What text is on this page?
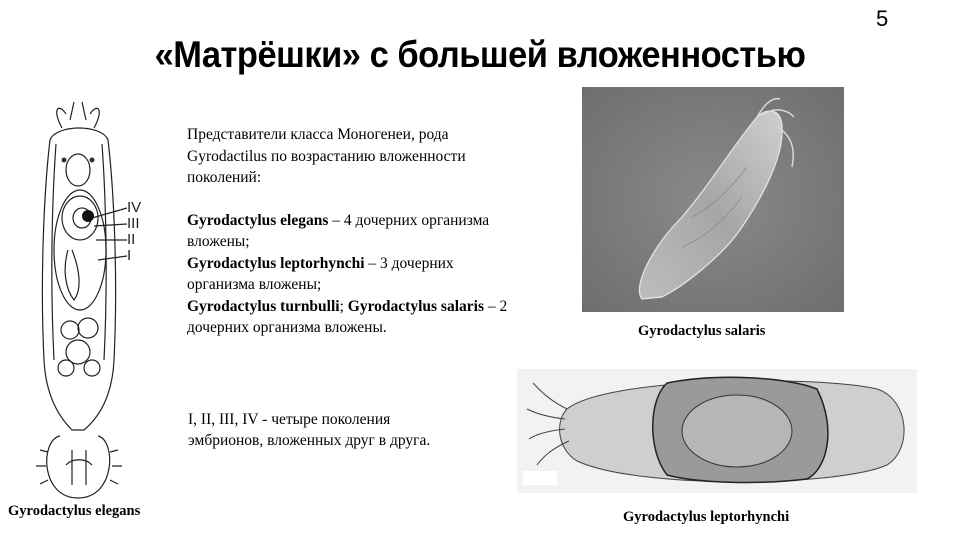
5
«Матрёшки» с большей вложенностью
IV
III
II
I

Представители класса Моногенеи, рода Gyrodactilus по возрастанию вложенности поколений:

Gyrodactylus elegans – 4 дочерних организма вложены;

Gyrodactylus leptorhynchi – 3 дочерних организма вложены;

Gyrodactylus turnbulli; Gyrodactylus salaris – 2 дочерних организма вложены.

I, II, III, IV - четыре поколения эмбрионов, вложенных друг в друга.
Gyrodactylus elegans
Gyrodactylus salaris
Gyrodactylus leptorhynchi
